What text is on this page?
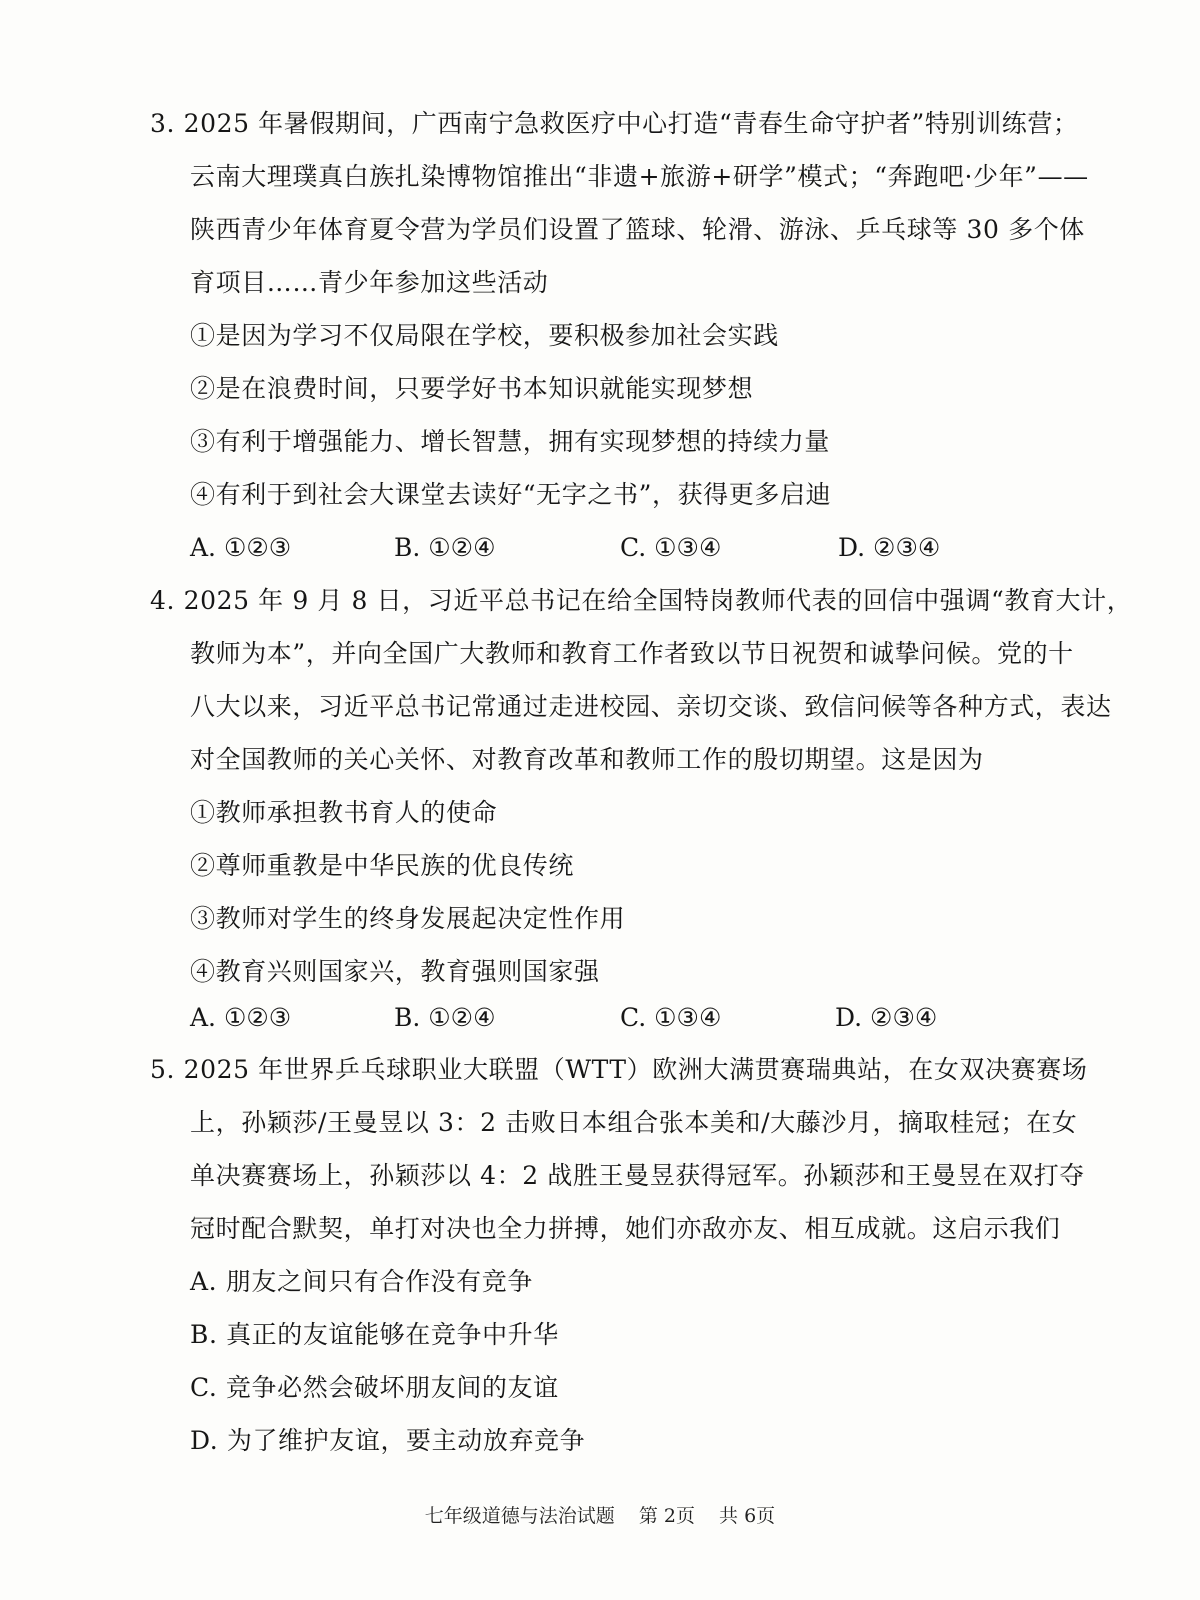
3. 2025 年暑假期间，广西南宁急救医疗中心打造“青春生命守护者”特别训练营；
云南大理璞真白族扎染博物馆推出“非遗+旅游+研学”模式；“奔跑吧·少年”——
陕西青少年体育夏令营为学员们设置了篮球、轮滑、游泳、乒乓球等 30 多个体
育项目……青少年参加这些活动
①是因为学习不仅局限在学校，要积极参加社会实践
②是在浪费时间，只要学好书本知识就能实现梦想
③有利于增强能力、增长智慧，拥有实现梦想的持续力量
④有利于到社会大课堂去读好“无字之书”，获得更多启迪
A. ①②③	B. ①②④	C. ①③④	D. ②③④
4. 2025 年 9 月 8 日，习近平总书记在给全国特岗教师代表的回信中强调“教育大计，
教师为本”，并向全国广大教师和教育工作者致以节日祝贺和诚挚问候。党的十
八大以来，习近平总书记常通过走进校园、亲切交谈、致信问候等各种方式，表达
对全国教师的关心关怀、对教育改革和教师工作的殷切期望。这是因为
①教师承担教书育人的使命
②尊师重教是中华民族的优良传统
③教师对学生的终身发展起决定性作用
④教育兴则国家兴，教育强则国家强
A. ①②③	B. ①②④	C. ①③④	D. ②③④
5. 2025 年世界乒乓球职业大联盟（WTT）欧洲大满贯赛瑞典站，在女双决赛赛场
上，孙颖莎/王曼昱以 3：2 击败日本组合张本美和/大藤沙月，摘取桂冠；在女
单决赛赛场上，孙颖莎以 4：2 战胜王曼昱获得冠军。孙颖莎和王曼昱在双打夺
冠时配合默契，单打对决也全力拼搏，她们亦敌亦友、相互成就。这启示我们
A. 朋友之间只有合作没有竞争
B. 真正的友谊能够在竞争中升华
C. 竞争必然会破坏朋友间的友谊
D. 为了维护友谊，要主动放弃竞争
七年级道德与法治试题 第 2页 共 6页
